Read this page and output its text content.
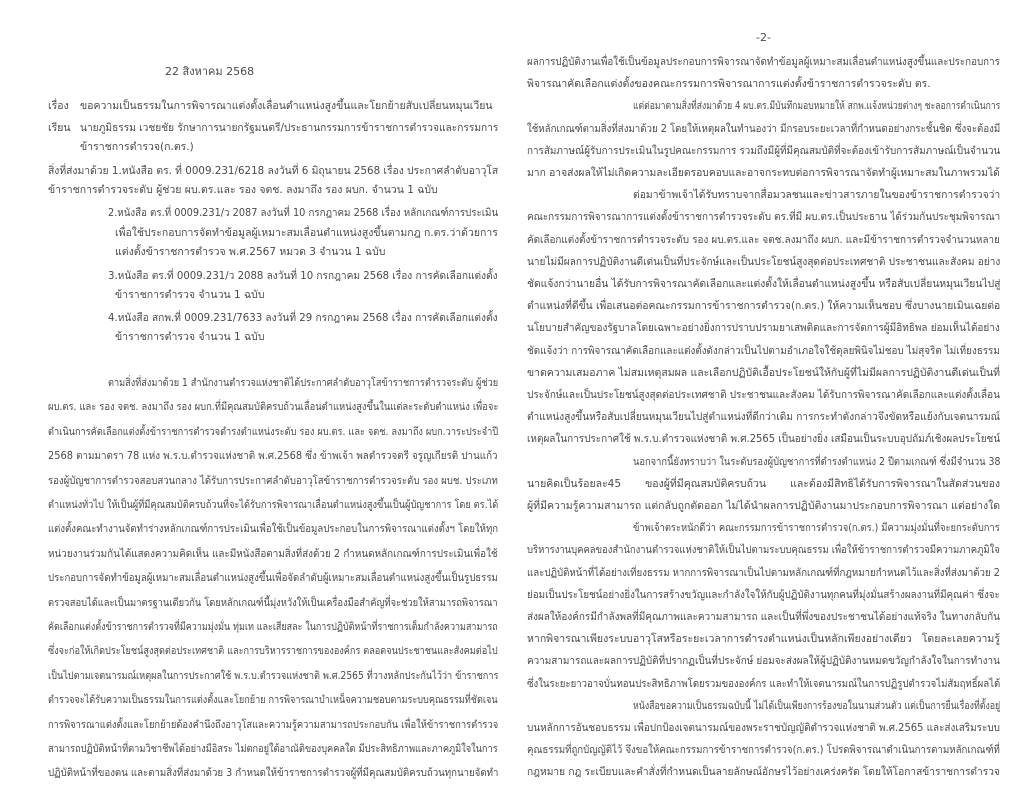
22 สิงหาคม 2568
เรื่อง ขอความเป็นธรรมในการพิจารณาแต่งตั้งเลื่อนตำแหน่งสูงขึ้นและโยกย้ายสับเปลี่ยนหมุนเวียน
เรียน นายภูมิธรรม เวชยชัย รักษาการนายกรัฐมนตรี/ประธานกรรมการข้าราชการตำรวจและกรรมการ
ข้าราชการตำรวจ(ก.ตร.)
สิ่งที่ส่งมาด้วย 1.หนังสือ ตร. ที่ 0009.231/6218 ลงวันที่ 6 มิถุนายน 2568 เรื่อง ประกาศลำดับอาวุโส
ข้าราชการตำรวจระดับ ผู้ช่วย ผบ.ตร.และ รอง จตช. ลงมาถึง รอง ผบก. จำนวน 1 ฉบับ
2.หนังสือ ตร.ที่ 0009.231/ว 2087 ลงวันที่ 10 กรกฎาคม 2568 เรื่อง หลักเกณฑ์การประเมิน
เพื่อใช้ประกอบการจัดทำข้อมูลผู้เหมาะสมเลื่อนตำแหน่งสูงขึ้นตามกฎ ก.ตร.ว่าด้วยการ
แต่งตั้งข้าราชการตำรวจ พ.ศ.2567 หมวด 3 จำนวน 1 ฉบับ
3.หนังสือ ตร.ที่ 0009.231/ว 2088 ลงวันที่ 10 กรกฎาคม 2568 เรื่อง การคัดเลือกแต่งตั้ง
ข้าราชการตำรวจ จำนวน 1 ฉบับ
4.หนังสือ สกพ.ที่ 0009.231/7633 ลงวันที่ 29 กรกฎาคม 2568 เรื่อง การคัดเลือกแต่งตั้ง
ข้าราชการตำรวจ จำนวน 1 ฉบับ
ตามสิ่งที่ส่งมาด้วย 1 สำนักงานตำรวจแห่งชาติได้ประกาศลำดับอาวุโสข้าราชการตำรวจระดับ ผู้ช่วย
ผบ.ตร. และ รอง จตช. ลงมาถึง รอง ผบก.ที่มีคุณสมบัติครบถ้วนเลื่อนตำแหน่งสูงขึ้นในแต่ละระดับตำแหน่ง เพื่อจะ
ดำเนินการคัดเลือกแต่งตั้งข้าราชการตำรวจดำรงตำแหน่งระดับ รอง ผบ.ตร. และ จตช. ลงมาถึง ผบก.วาระประจำปี
2568 ตามมาตรา 78 แห่ง พ.ร.บ.ตำรวจแห่งชาติ พ.ศ.2568 ซึ่ง ข้าพเจ้า พลตำรวจตรี จรูญเกียรติ ปานแก้ว
รองผู้บัญชาการตำรวจสอบสวนกลาง ได้รับการประกาศลำดับอาวุโสข้าราชการตำรวจระดับ รอง ผบช. ประเภท
ตำแหน่งทั่วไป ให้เป็นผู้ที่มีคุณสมบัติครบถ้วนที่จะได้รับการพิจารณาเลื่อนตำแหน่งสูงขึ้นเป็นผู้บัญชาการ โดย ตร.ได้
แต่งตั้งคณะทำงานจัดทำร่างหลักเกณฑ์การประเมินเพื่อใช้เป็นข้อมูลประกอบในการพิจารณาแต่งตั้งฯ โดยให้ทุก
หน่วยงานร่วมกันได้แสดงความคิดเห็น และมีหนังสือตามสิ่งที่ส่งด้วย 2 กำหนดหลักเกณฑ์การประเมินเพื่อใช้
ประกอบการจัดทำข้อมูลผู้เหมาะสมเลื่อนตำแหน่งสูงขึ้นเพื่อจัดลำดับผู้เหมาะสมเลื่อนตำแหน่งสูงขึ้นเป็นรูปธรรม
ตรวจสอบได้และเป็นมาตรฐานเดียวกัน โดยหลักเกณฑ์นี้มุ่งหวังให้เป็นเครื่องมือสำคัญที่จะช่วยให้สามารถพิจารณา
คัดเลือกแต่งตั้งข้าราชการตำรวจที่มีความมุ่งมั่น ทุ่มเท และเสียสละ ในการปฏิบัติหน้าที่ราชการเต็มกำลังความสามารถ
ซึ่งจะก่อให้เกิดประโยชน์สูงสุดต่อประเทศชาติ และการบริหารราชการขององค์กร ตลอดจนประชาชนและสังคมต่อไป
เป็นไปตามเจตนารมณ์เหตุผลในการประกาศใช้ พ.ร.บ.ตำรวจแห่งชาติ พ.ศ.2565 ที่วางหลักประกันไว้ว่า ข้าราชการ
ตำรวจจะได้รับความเป็นธรรมในการแต่งตั้งและโยกย้าย การพิจารณาบำเหน็จความชอบตามระบบคุณธรรมที่ชัดเจน
การพิจารณาแต่งตั้งและโยกย้ายต้องคำนึงถึงอาวุโสและความรู้ความสามารถประกอบกัน เพื่อให้ข้าราชการตำรวจ
สามารถปฏิบัติหน้าที่ตามวิชาชีพได้อย่างมีอิสระ ไม่ตกอยู่ใต้อาณัติของบุคคลใด มีประสิทธิภาพและภาคภูมิใจในการ
ปฏิบัติหน้าที่ของตน และตามสิ่งที่ส่งมาด้วย 3 กำหนดให้ข้าราชการตำรวจผู้ที่มีคุณสมบัติครบถ้วนทุกนายจัดทำ
-2-
ผลการปฏิบัติงานเพื่อใช้เป็นข้อมูลประกอบการพิจารณาจัดทำข้อมูลผู้เหมาะสมเลื่อนตำแหน่งสูงขึ้นและประกอบการ
พิจารณาคัดเลือกแต่งตั้งของคณะกรรมการพิจารณาการแต่งตั้งข้าราชการตำรวจระดับ ตร.
แต่ต่อมาตามสิ่งที่ส่งมาด้วย 4 ผบ.ตร.มีบันทึกมอบหมายให้ สกพ.แจ้งหน่วยต่างๆ ชะลอการดำเนินการ
ใช้หลักเกณฑ์ตามสิ่งที่ส่งมาด้วย 2 โดยให้เหตุผลในทำนองว่า มีกรอบระยะเวลาที่กำหนดอย่างกระชั้นชิด ซึ่งจะต้องมี
การสัมภาษณ์ผู้รับการประเมินในรูปคณะกรรมการ รวมถึงมีผู้ที่มีคุณสมบัติที่จะต้องเข้ารับการสัมภาษณ์เป็นจำนวน
มาก อาจส่งผลให้ไม่เกิดความละเอียดรอบคอบและอาจกระทบต่อการพิจารณาจัดทำผู้เหมาะสมในภาพรวมได้
ต่อมาข้าพเจ้าได้รับทราบจากสื่อมวลชนและข่าวสารภายในของข้าราชการตำรวจว่า
คณะกรรมการพิจารณาการแต่งตั้งข้าราชการตำรวจระดับ ตร.ที่มี ผบ.ตร.เป็นประธาน ได้ร่วมกันประชุมพิจารณา
คัดเลือกแต่งตั้งข้าราชการตำรวจระดับ รอง ผบ.ตร.และ จตช.ลงมาถึง ผบก. และมีข้าราชการตำรวจจำนวนหลาย
นายไม่มีผลการปฏิบัติงานดีเด่นเป็นที่ประจักษ์และเป็นประโยชน์สูงสุดต่อประเทศชาติ ประชาชนและสังคม อย่าง
ชัดแจ้งกว่านายอื่น ได้รับการพิจารณาคัดเลือกและแต่งตั้งให้เลื่อนตำแหน่งสูงขึ้น หรือสับเปลี่ยนหมุนเวียนไปสู่
ตำแหน่งที่ดีขึ้น เพื่อเสนอต่อคณะกรรมการข้าราชการตำรวจ(ก.ตร.) ให้ความเห็นชอบ ซึ่งบางนายเมินเฉยต่อ
นโยบายสำคัญของรัฐบาลโดยเฉพาะอย่างยิ่งการปราบปรามยาเสพติดและการจัดการผู้มีอิทธิพล ย่อมเห็นได้อย่าง
ชัดแจ้งว่า การพิจารณาคัดเลือกและแต่งตั้งดังกล่าวเป็นไปตามอำเภอใจใช้ดุลยพินิจไม่ชอบ ไม่สุจริต ไม่เที่ยงธรรม
ขาดความเสมอภาค ไม่สมเหตุสมผล และเลือกปฏิบัติเอื้อประโยชน์ให้กับผู้ที่ไม่มีผลการปฏิบัติงานดีเด่นเป็นที่
ประจักษ์และเป็นประโยชน์สูงสุดต่อประเทศชาติ ประชาชนและสังคม ได้รับการพิจารณาคัดเลือกและแต่งตั้งเลื่อน
ตำแหน่งสูงขึ้นหรือสับเปลี่ยนหมุนเวียนไปสู่ตำแหน่งที่ดีกว่าเดิม การกระทำดังกล่าวจึงขัดหรือแย้งกับเจตนารมณ์
เหตุผลในการประกาศใช้ พ.ร.บ.ตำรวจแห่งชาติ พ.ศ.2565 เป็นอย่างยิ่ง เสมือนเป็นระบบอุปถัมภ์เชิงผลประโยชน์
นอกจากนี้ยังทราบว่า ในระดับรองผู้บัญชาการที่ดำรงตำแหน่ง 2 ปีตามเกณฑ์ ซึ่งมีจำนวน 38
นายคิดเป็นร้อยละ45 ของผู้ที่มีคุณสมบัติครบถ้วน และต้องมีสิทธิได้รับการพิจารณาในสัดส่วนของ
ผู้ที่มีความรู้ความสามารถ แต่กลับถูกตัดออก ไม่ได้นำผลการปฏิบัติงานมาประกอบการพิจารณา แต่อย่างใด
ข้าพเจ้าตระหนักดีว่า คณะกรรมการข้าราชการตำรวจ(ก.ตร.) มีความมุ่งมั่นที่จะยกระดับการ
บริหารงานบุคคลของสำนักงานตำรวจแห่งชาติให้เป็นไปตามระบบคุณธรรม เพื่อให้ข้าราชการตำรวจมีความภาคภูมิใจ
และปฏิบัติหน้าที่ได้อย่างเที่ยงธรรม หากการพิจารณาเป็นไปตามหลักเกณฑ์ที่กฎหมายกำหนดไว้และสิ่งที่ส่งมาด้วย 2
ย่อมเป็นประโยชน์อย่างยิ่งในการสร้างขวัญและกำลังใจให้กับผู้ปฏิบัติงานทุกคนที่มุ่งมั่นสร้างผลงานที่มีคุณค่า ซึ่งจะ
ส่งผลให้องค์กรมีกำลังพลที่มีคุณภาพและความสามารถ และเป็นที่พึ่งของประชาชนได้อย่างแท้จริง ในทางกลับกัน
หากพิจารณาเพียงระบบอาวุโสหรือระยะเวลาการดำรงตำแหน่งเป็นหลักเพียงอย่างเดียว โดยละเลยความรู้
ความสามารถและผลการปฏิบัติที่ปรากฏเป็นที่ประจักษ์ ย่อมจะส่งผลให้ผู้ปฏิบัติงานหมดขวัญกำลังใจในการทำงาน
ซึ่งในระยะยาวอาจบั่นทอนประสิทธิภาพโดยรวมขององค์กร และทำให้เจตนารมณ์ในการปฏิรูปตำรวจไม่สัมฤทธิ์ผลได้
หนังสือขอความเป็นธรรมฉบับนี้ ไม่ได้เป็นเพียงการร้องขอในนามส่วนตัว แต่เป็นการยื่นเรื่องที่ตั้งอยู่
บนหลักการอันชอบธรรม เพื่อปกป้องเจตนารมณ์ของพระราชบัญญัติตำรวจแห่งชาติ พ.ศ.2565 และส่งเสริมระบบ
คุณธรรมที่ถูกบัญญัติไว้ จึงขอให้คณะกรรมการข้าราชการตำรวจ(ก.ตร.) โปรดพิจารณาดำเนินการตามหลักเกณฑ์ที่
กฎหมาย กฎ ระเบียบและคำสั่งที่กำหนดเป็นลายลักษณ์อักษรไว้อย่างเคร่งครัด โดยให้โอกาสข้าราชการตำรวจ
